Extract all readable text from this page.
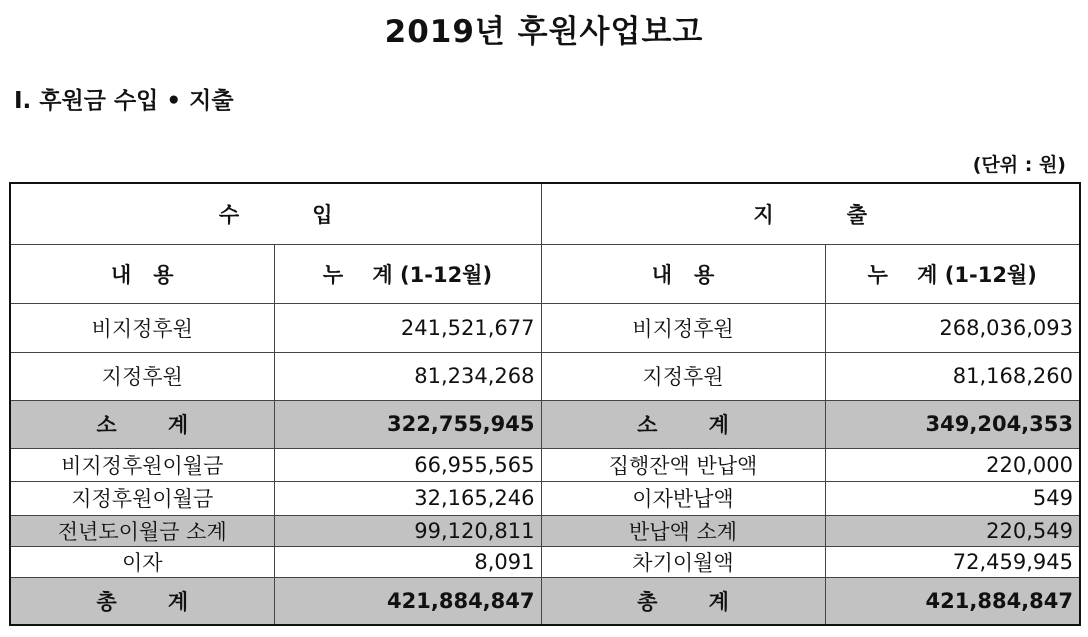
2019년 후원사업보고
Ⅰ. 후원금 수입 • 지출
(단위 : 원)
수          입		지          출	
내   용	누    계 (1-12월)	내   용	누    계 (1-12월)
비지정후원	241,521,677	비지정후원	268,036,093
지정후원	81,234,268	지정후원	81,168,260
소       계	322,755,945	소       계	349,204,353
비지정후원이월금	66,955,565	집행잔액 반납액	220,000
지정후원이월금	32,165,246	이자반납액	549
전년도이월금 소계	99,120,811	반납액 소계	220,549
이자	8,091	차기이월액	72,459,945
총       계	421,884,847	총       계	421,884,847
